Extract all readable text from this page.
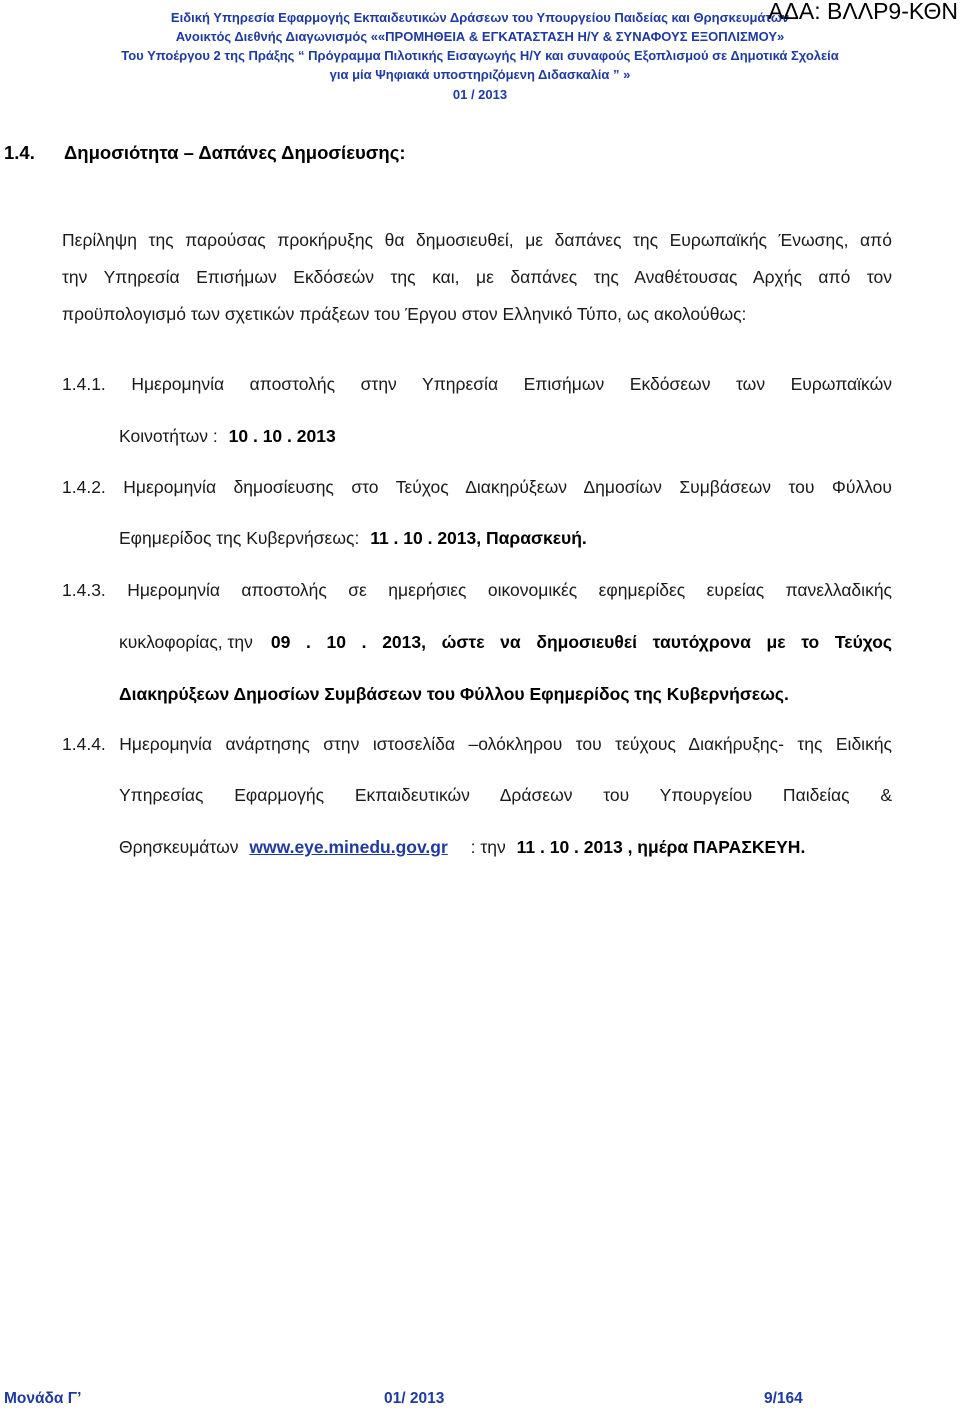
Ειδική Υπηρεσία Εφαρμογής Εκπαιδευτικών Δράσεων του Υπουργείου Παιδείας και Θρησκευμάτων
ΑΔΑ: ΒΛΛΡ9-ΚΘΝ
Ανοικτός Διεθνής Διαγωνισμός ««ΠΡΟΜΗΘΕΙΑ & ΕΓΚΑΤΑΣΤΑΣΗ Η/Υ & ΣΥΝΑΦΟΥΣ ΕΞΟΠΛΙΣΜΟΥ»
Του Υποέργου 2 της Πράξης “ Πρόγραμμα Πιλοτικής Εισαγωγής Η/Υ και συναφούς Εξοπλισμού σε Δημοτικά Σχολεία
για μία Ψηφιακά υποστηριζόμενη Διδασκαλία ” »
01 / 2013
1.4. Δημοσιότητα – Δαπάνες Δημοσίευσης:
Περίληψη της παρούσας προκήρυξης θα δημοσιευθεί, με δαπάνες της Ευρωπαϊκής Ένωσης, από
την Υπηρεσία Επισήμων Εκδόσεών της και, με δαπάνες της Αναθέτουσας Αρχής από τον
προϋπολογισμό των σχετικών πράξεων του Έργου στον Ελληνικό Τύπο, ως ακολούθως:
1.4.1. Ημερομηνία αποστολής στην Υπηρεσία Επισήμων Εκδόσεων των Ευρωπαϊκών
Κοινοτήτων : 10 . 10 . 2013
1.4.2. Ημερομηνία δημοσίευσης στο Τεύχος Διακηρύξεων Δημοσίων Συμβάσεων του Φύλλου
Εφημερίδος της Κυβερνήσεως: 11 . 10 . 2013, Παρασκευή.
1.4.3. Ημερομηνία αποστολής σε ημερήσιες οικονομικές εφημερίδες ευρείας πανελλαδικής
κυκλοφορίας, την 09 . 10 . 2013, ώστε να δημοσιευθεί ταυτόχρονα με το Τεύχος
Διακηρύξεων Δημοσίων Συμβάσεων του Φύλλου Εφημερίδος της Κυβερνήσεως.
1.4.4. Ημερομηνία ανάρτησης στην ιστοσελίδα –ολόκληρου του τεύχους Διακήρυξης- της Ειδικής
Υπηρεσίας Εφαρμογής Εκπαιδευτικών Δράσεων του Υπουργείου Παιδείας &
Θρησκευμάτων www.eye.minedu.gov.gr : την 11 . 10 . 2013 , ημέρα ΠΑΡΑΣΚΕΥΗ.
Μονάδα Γ’	01/ 2013	9/164
